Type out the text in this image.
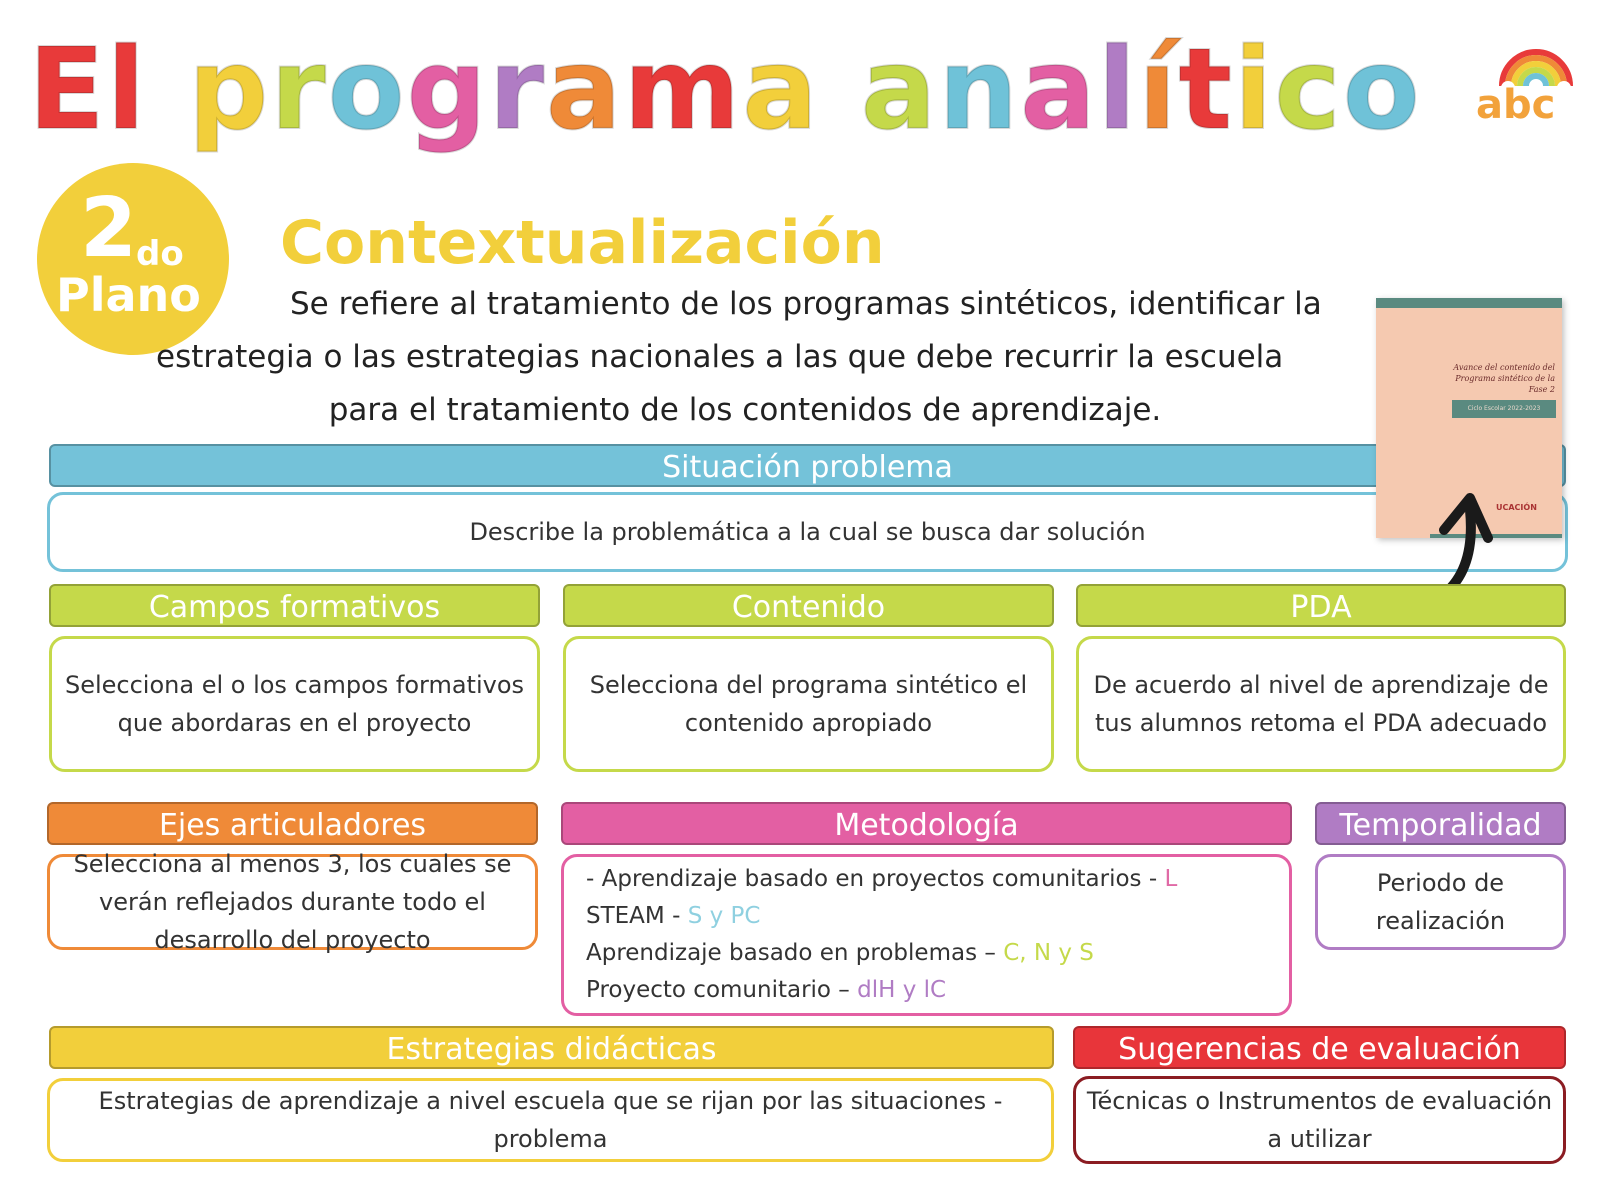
El programa analítico	abc
2
do
Plano
Contextualización
Se refiere al tratamiento de los programas sintéticos, identificar la
estrategia o las estrategias nacionales a las que debe recurrir la escuela
para el tratamiento de los contenidos de aprendizaje.
Situación problema
Describe la problemática a la cual se busca dar solución
Avance del contenido del Programa sintético de la Fase 2
Ciclo Escolar 2022-2023
UCACIÓN
Campos formativos
Selecciona el o los campos formativos
que abordaras en el proyecto
Contenido
Selecciona del programa sintético el
contenido apropiado
PDA
De acuerdo al nivel de aprendizaje de
tus alumnos retoma el PDA adecuado
Ejes articuladores
Selecciona al menos 3, los cuales se
verán reflejados durante todo el
desarrollo del proyecto
Metodología
- Aprendizaje basado en proyectos comunitarios - L
STEAM - S y PC
Aprendizaje basado en problemas – C, N y S
Proyecto comunitario – dlH y lC
Temporalidad
Periodo de
realización
Estrategias didácticas
Estrategias de aprendizaje a nivel escuela que se rijan por las situaciones - problema
Sugerencias de evaluación
Técnicas o Instrumentos de evaluación
a utilizar
